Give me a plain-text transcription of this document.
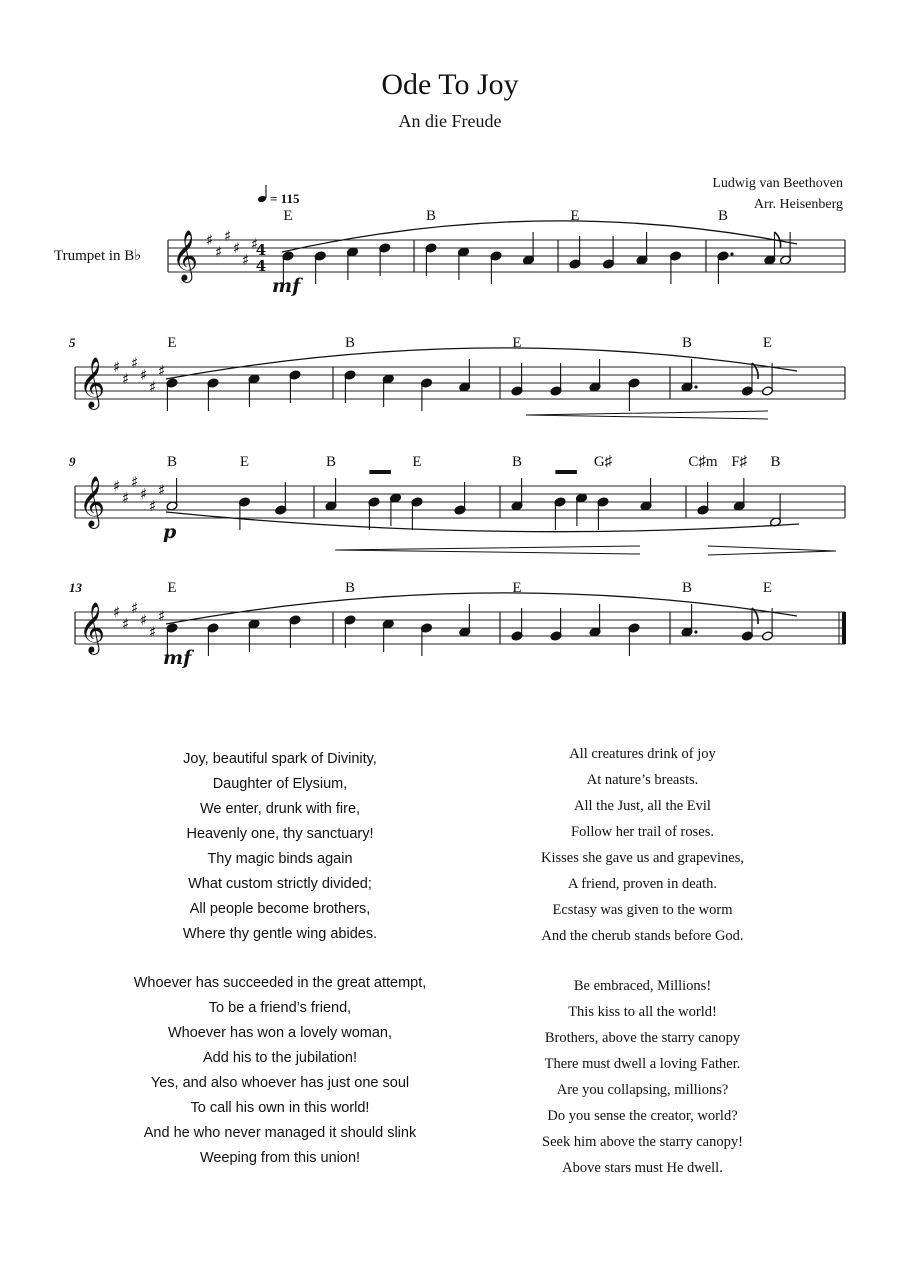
Ode To Joy
An die Freude
Ludwig van Beethoven
Arr. Heisenberg
𝄞 ♯
♯
♯
♯
♯
♯
Trumpet in B♭	4
4
= 115
E	B	E	B
mf
𝄞 ♯
♯
♯
♯
♯
♯
5	E	B	E	B	E
𝄞 ♯
♯
♯
♯
♯
♯
9	B	E	B	E	B	G♯	C♯m F♯ B
p
𝄞 ♯
♯
♯
♯
♯
♯
13	E	B	E	B	E
mf
Joy, beautiful spark of Divinity,
Daughter of Elysium,
We enter, drunk with fire,
Heavenly one, thy sanctuary!
Thy magic binds again
What custom strictly divided;
All people become brothers,
Where thy gentle wing abides.
Whoever has succeeded in the great attempt,
To be a friend’s friend,
Whoever has won a lovely woman,
Add his to the jubilation!
Yes, and also whoever has just one soul
To call his own in this world!
And he who never managed it should slink
Weeping from this union!
All creatures drink of joy
At nature’s breasts.
All the Just, all the Evil
Follow her trail of roses.
Kisses she gave us and grapevines,
A friend, proven in death.
Ecstasy was given to the worm
And the cherub stands before God.
Be embraced, Millions!
This kiss to all the world!
Brothers, above the starry canopy
There must dwell a loving Father.
Are you collapsing, millions?
Do you sense the creator, world?
Seek him above the starry canopy!
Above stars must He dwell.
